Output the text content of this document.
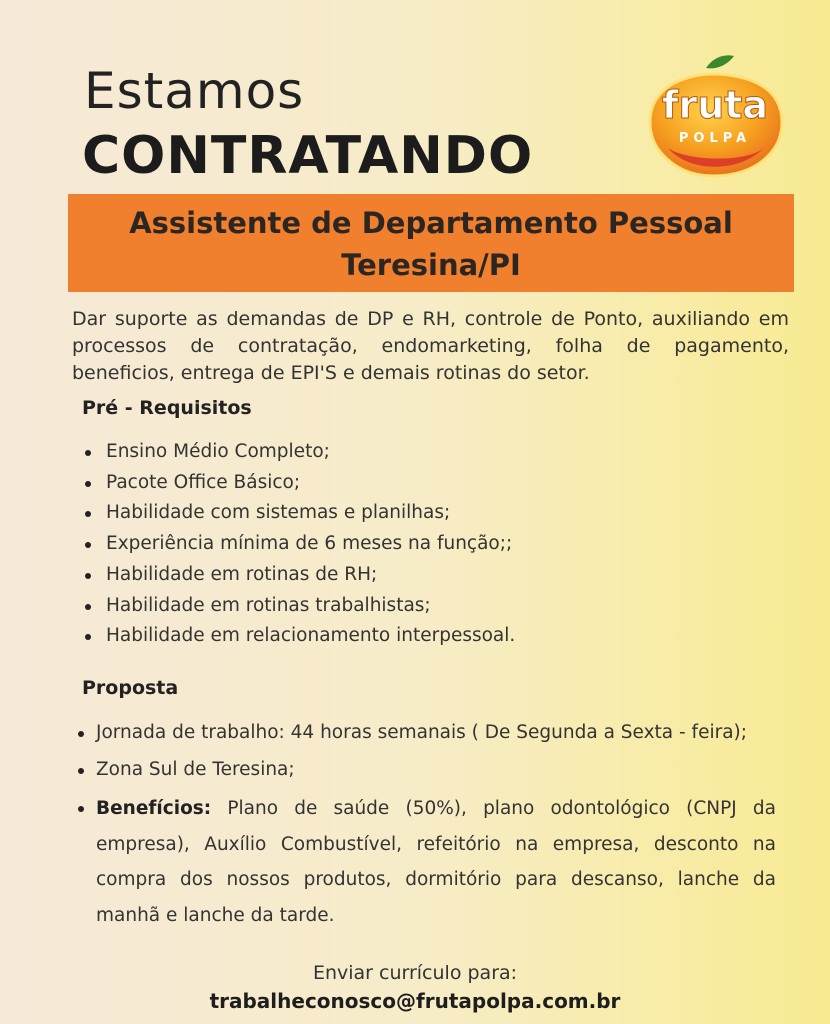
Estamos
CONTRATANDO
fruta
POLPA
Assistente de Departamento Pessoal
Teresina/PI
Dar suporte as demandas de DP e RH, controle de Ponto, auxiliando em processos de contratação, endomarketing, folha de pagamento, beneficios, entrega de EPI'S e demais rotinas do setor.
Pré - Requisitos
Ensino Médio Completo;
Pacote Office Básico;
Habilidade com sistemas e planilhas;
Experiência mínima de 6 meses na função;;
Habilidade em rotinas de RH;
Habilidade em rotinas trabalhistas;
Habilidade em relacionamento interpessoal.
Proposta
Jornada de trabalho: 44 horas semanais ( De Segunda a Sexta - feira);
Zona Sul de Teresina;
Benefícios: Plano de saúde (50%), plano odontológico (CNPJ da empresa), Auxílio Combustível, refeitório na empresa, desconto na compra dos nossos produtos, dormitório para descanso, lanche da manhã e lanche da tarde.
Enviar currículo para:
trabalheconosco@frutapolpa.com.br
